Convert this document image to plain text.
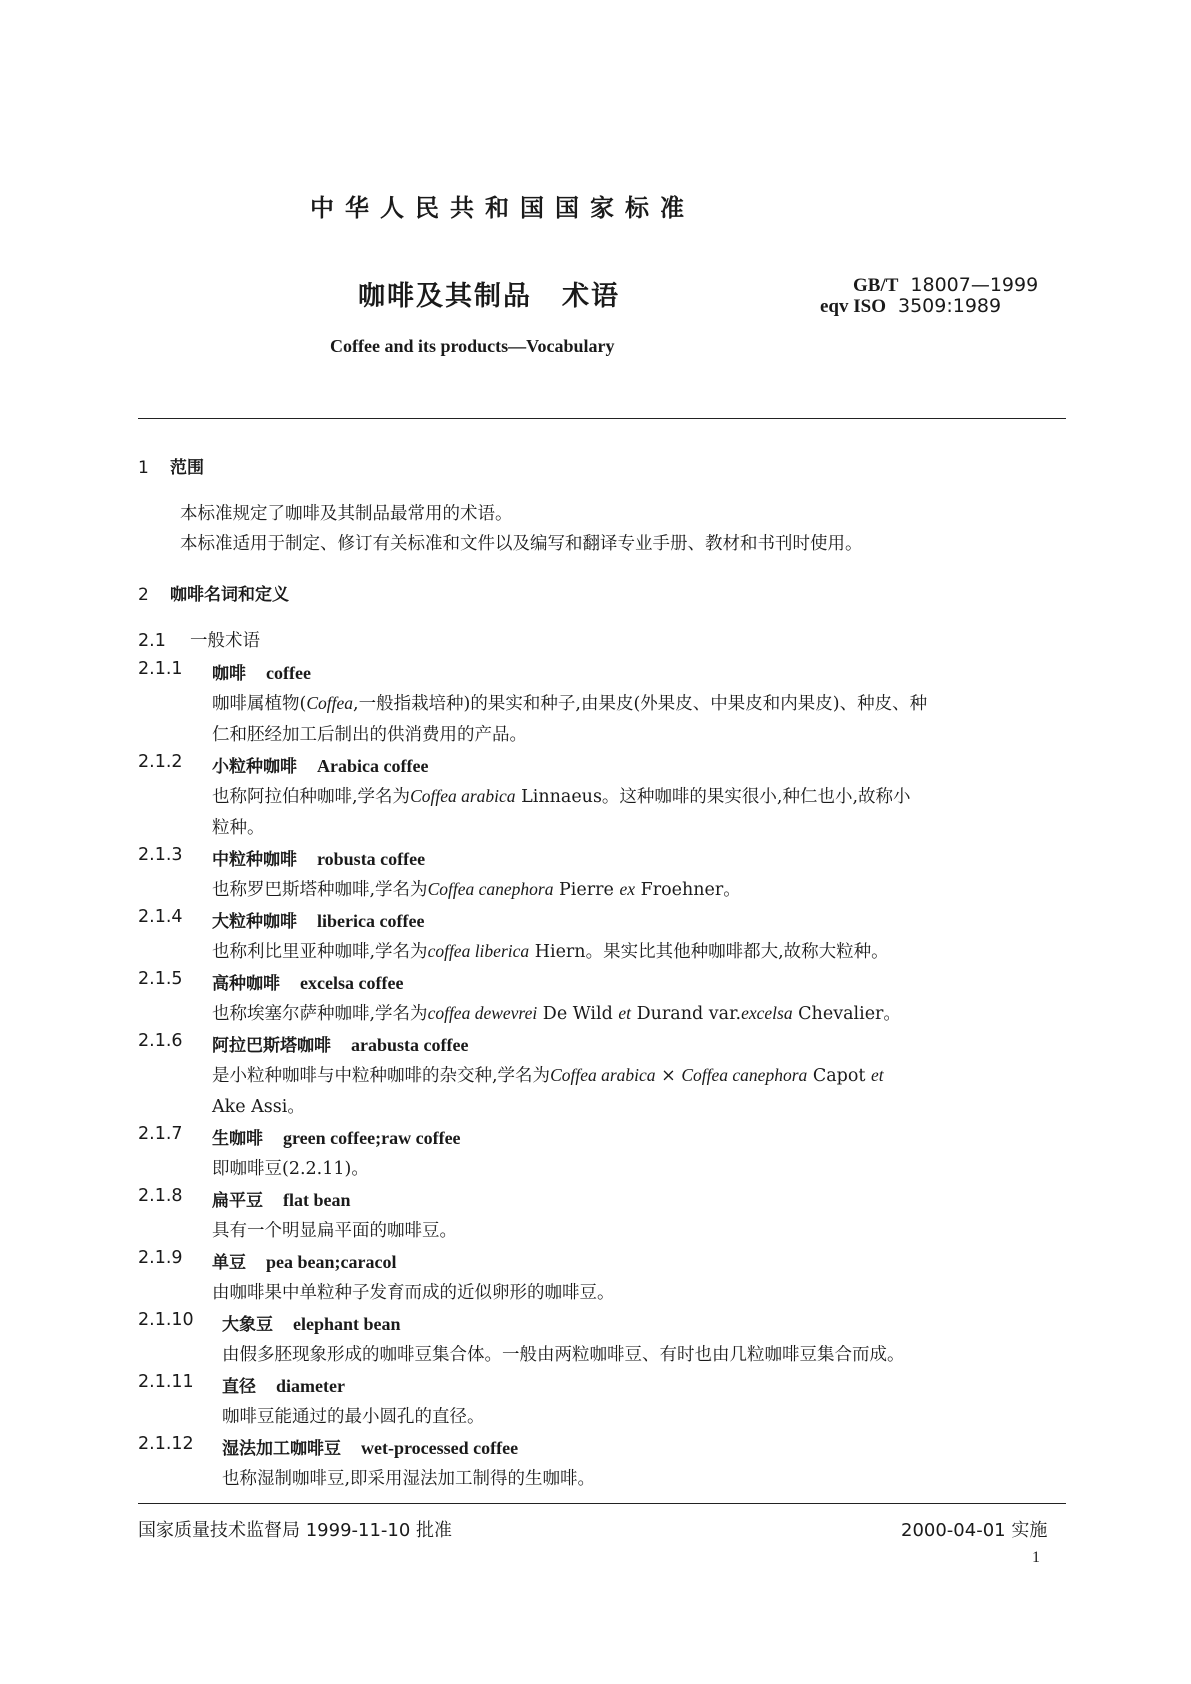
中华人民共和国国家标准
咖啡及其制品 术语	GB/T 18007—1999
eqv ISO 3509:1989
Coffee and its products—Vocabulary
1 范围
本标准规定了咖啡及其制品最常用的术语。
本标准适用于制定、修订有关标准和文件以及编写和翻译专业手册、教材和书刊时使用。
2 咖啡名词和定义
2.1 一般术语
2.1.1 咖啡 coffee
咖啡属植物(Coffea,一般指栽培种)的果实和种子,由果皮(外果皮、中果皮和内果皮)、种皮、种
仁和胚经加工后制出的供消费用的产品。
2.1.2 小粒种咖啡 Arabica coffee
也称阿拉伯种咖啡,学名为Coffea arabica Linnaeus。这种咖啡的果实很小,种仁也小,故称小
粒种。
2.1.3 中粒种咖啡 robusta coffee
也称罗巴斯塔种咖啡,学名为Coffea canephora Pierre ex Froehner。
2.1.4 大粒种咖啡 liberica coffee
也称利比里亚种咖啡,学名为coffea liberica Hiern。果实比其他种咖啡都大,故称大粒种。
2.1.5 高种咖啡 excelsa coffee
也称埃塞尔萨种咖啡,学名为coffea dewevrei De Wild et Durand var.excelsa Chevalier。
2.1.6 阿拉巴斯塔咖啡 arabusta coffee
是小粒种咖啡与中粒种咖啡的杂交种,学名为Coffea arabica × Coffea canephora Capot et
Ake Assi。
2.1.7 生咖啡 green coffee;raw coffee
即咖啡豆(2.2.11)。
2.1.8 扁平豆 flat bean
具有一个明显扁平面的咖啡豆。
2.1.9 单豆 pea bean;caracol
由咖啡果中单粒种子发育而成的近似卵形的咖啡豆。
2.1.10 大象豆 elephant bean
由假多胚现象形成的咖啡豆集合体。一般由两粒咖啡豆、有时也由几粒咖啡豆集合而成。
2.1.11 直径 diameter
咖啡豆能通过的最小圆孔的直径。
2.1.12 湿法加工咖啡豆 wet-processed coffee
也称湿制咖啡豆,即采用湿法加工制得的生咖啡。
国家质量技术监督局 1999-11-10 批准	2000-04-01 实施
1
